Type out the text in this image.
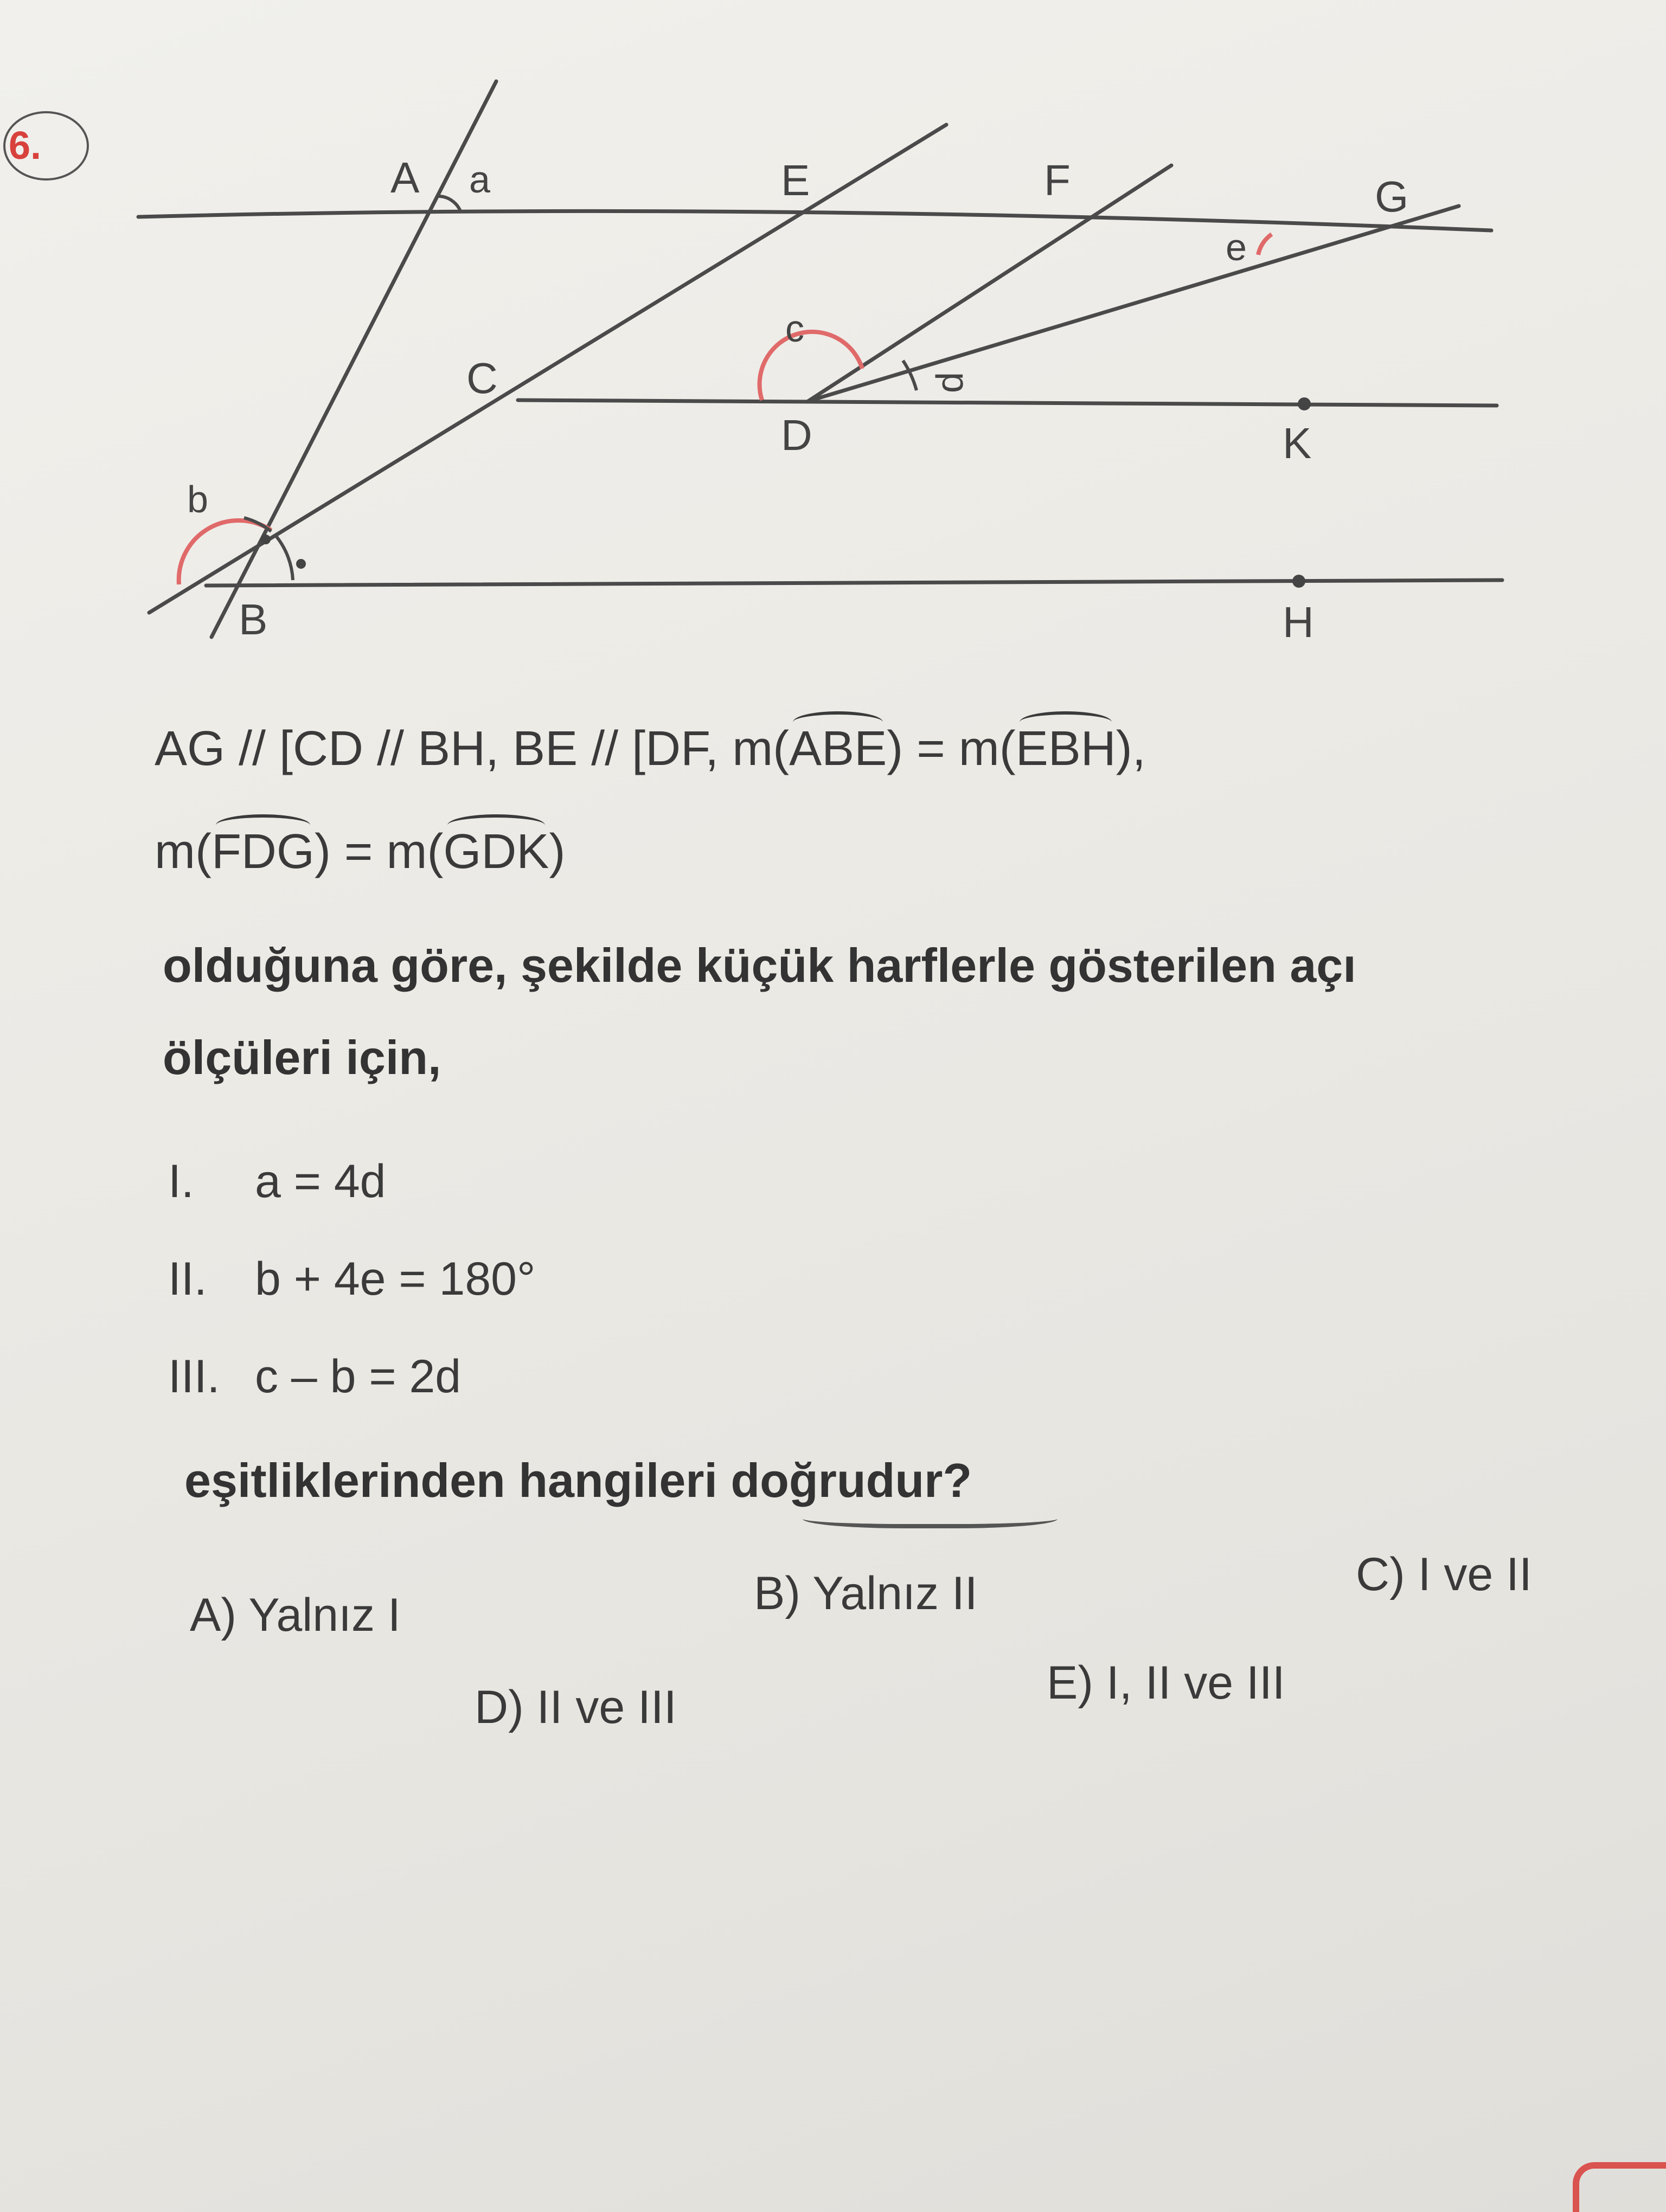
6.
A
B
C
D
E	F	G
H
K
a
b
c
d
e
AG // [CD // BH, BE // [DF, m(ABE) = m(EBH),
m(FDG) = m(GDK)
olduğuna göre, şekilde küçük harflerle gösterilen açı
ölçüleri için,
I. a = 4d
II. b + 4e = 180°
III. c – b = 2d
eşitliklerinden hangileri doğrudur?
A) Yalnız I	B) Yalnız II	C) I ve II
D) II ve III	E) I, II ve III
